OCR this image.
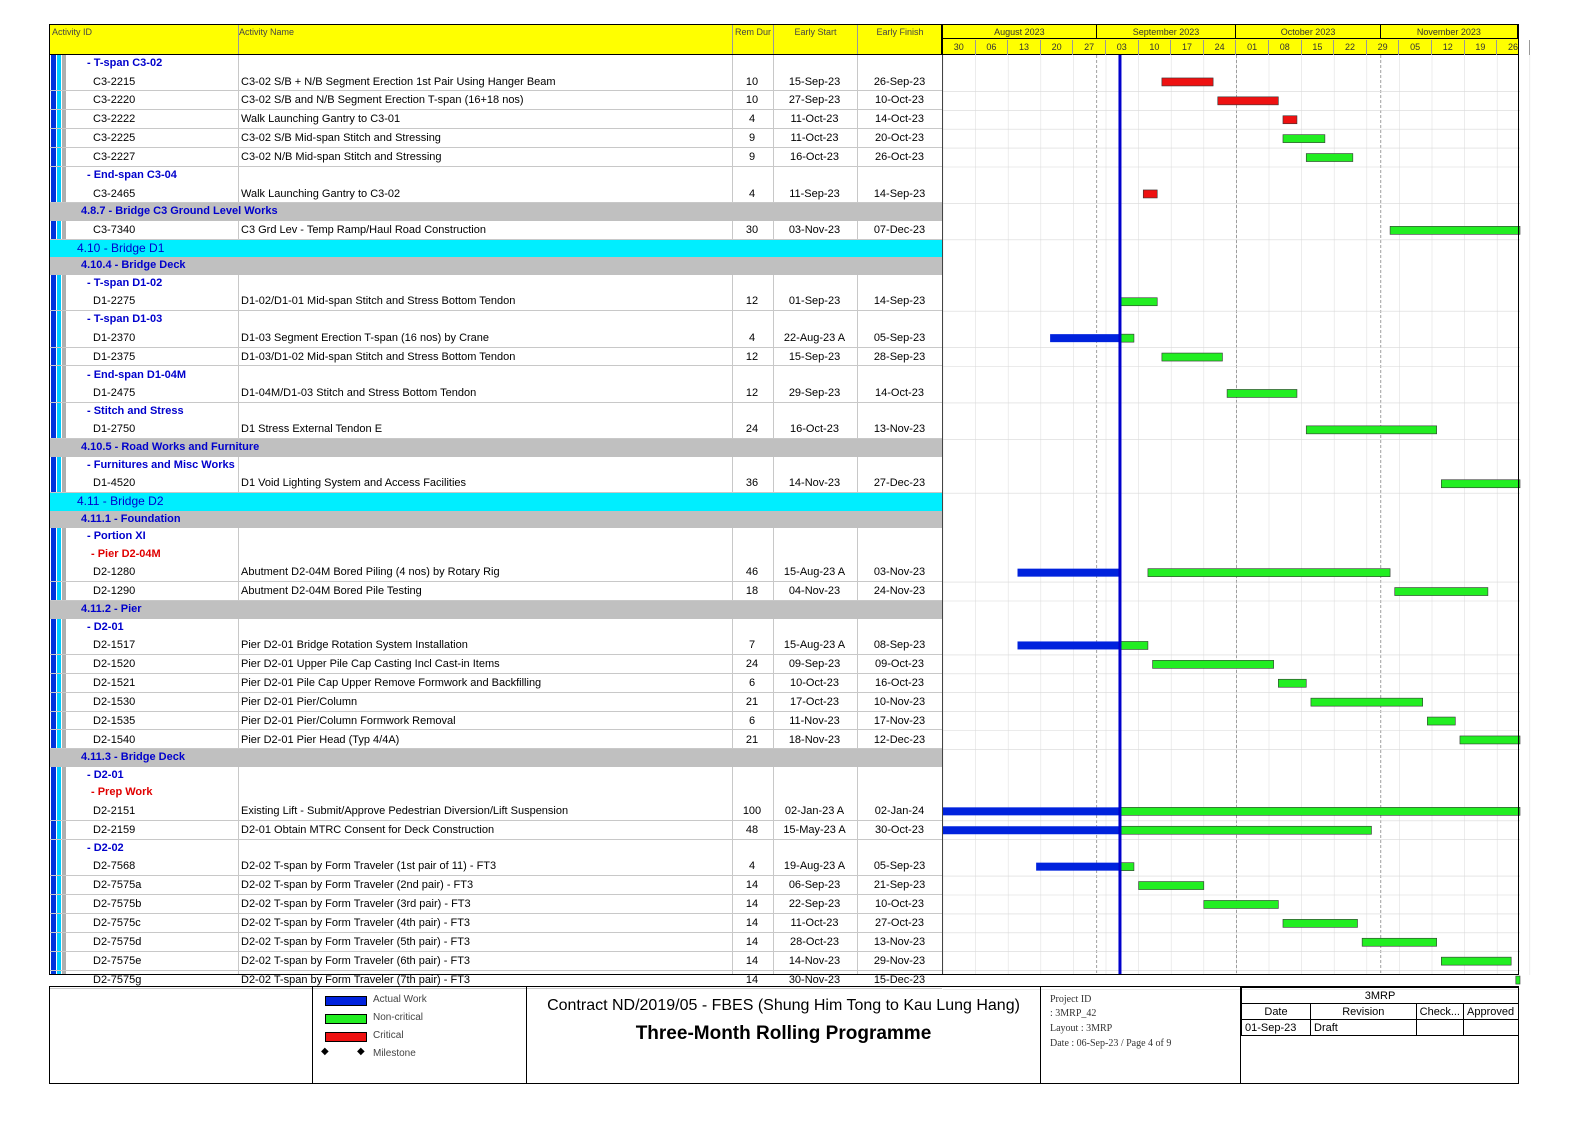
Activity ID	Activity Name	Rem Dur	Early Start	Early Finish	August 2023	September 2023	October 2023	November 2023
30	06	13	20	27	03	10	17	24	01	08	15	22	29	05	12	19	26
- T-span C3-02
C3-2215	C3-02 S/B + N/B Segment Erection 1st Pair Using Hanger Beam	10	15-Sep-23	26-Sep-23
C3-2220	C3-02 S/B and N/B Segment Erection T-span (16+18 nos)	10	27-Sep-23	10-Oct-23
C3-2222	Walk Launching Gantry to C3-01	4	11-Oct-23	14-Oct-23
C3-2225	C3-02 S/B Mid-span Stitch and Stressing	9	11-Oct-23	20-Oct-23
C3-2227	C3-02 N/B Mid-span Stitch and Stressing	9	16-Oct-23	26-Oct-23
- End-span C3-04
C3-2465	Walk Launching Gantry to C3-02	4	11-Sep-23	14-Sep-23
4.8.7 - Bridge C3 Ground Level Works
C3-7340	C3 Grd Lev - Temp Ramp/Haul Road Construction	30	03-Nov-23	07-Dec-23
4.10 - Bridge D1
4.10.4 - Bridge Deck
- T-span D1-02
D1-2275	D1-02/D1-01 Mid-span Stitch and Stress Bottom Tendon	12	01-Sep-23	14-Sep-23
- T-span D1-03
D1-2370	D1-03 Segment Erection T-span (16 nos) by Crane	4	22-Aug-23 A	05-Sep-23
D1-2375	D1-03/D1-02 Mid-span Stitch and Stress Bottom Tendon	12	15-Sep-23	28-Sep-23
- End-span D1-04M
D1-2475	D1-04M/D1-03 Stitch and Stress Bottom Tendon	12	29-Sep-23	14-Oct-23
- Stitch and Stress
D1-2750	D1 Stress External Tendon E	24	16-Oct-23	13-Nov-23
4.10.5 - Road Works and Furniture
- Furnitures and Misc Works
D1-4520	D1 Void Lighting System and Access Facilities	36	14-Nov-23	27-Dec-23
4.11 - Bridge D2
4.11.1 - Foundation
- Portion XI
- Pier D2-04M
D2-1280	Abutment D2-04M Bored Piling (4 nos) by Rotary Rig	46	15-Aug-23 A	03-Nov-23
D2-1290	Abutment D2-04M Bored Pile Testing	18	04-Nov-23	24-Nov-23
4.11.2 - Pier
- D2-01
D2-1517	Pier D2-01 Bridge Rotation System Installation	7	15-Aug-23 A	08-Sep-23
D2-1520	Pier D2-01 Upper Pile Cap Casting Incl Cast-in Items	24	09-Sep-23	09-Oct-23
D2-1521	Pier D2-01 Pile Cap Upper Remove Formwork and Backfilling	6	10-Oct-23	16-Oct-23
D2-1530	Pier D2-01 Pier/Column	21	17-Oct-23	10-Nov-23
D2-1535	Pier D2-01 Pier/Column Formwork Removal	6	11-Nov-23	17-Nov-23
D2-1540	Pier D2-01 Pier Head (Typ 4/4A)	21	18-Nov-23	12-Dec-23
4.11.3 - Bridge Deck
- D2-01
- Prep Work
D2-2151	Existing Lift - Submit/Approve Pedestrian Diversion/Lift Suspension	100	02-Jan-23 A	02-Jan-24
D2-2159	D2-01 Obtain MTRC Consent for Deck Construction	48	15-May-23 A	30-Oct-23
- D2-02
D2-7568	D2-02 T-span by Form Traveler (1st pair of 11) - FT3	4	19-Aug-23 A	05-Sep-23
D2-7575a	D2-02 T-span by Form Traveler (2nd pair) - FT3	14	06-Sep-23	21-Sep-23
D2-7575b	D2-02 T-span by Form Traveler (3rd pair) - FT3	14	22-Sep-23	10-Oct-23
D2-7575c	D2-02 T-span by Form Traveler (4th pair) - FT3	14	11-Oct-23	27-Oct-23
D2-7575d	D2-02 T-span by Form Traveler (5th pair) - FT3	14	28-Oct-23	13-Nov-23
D2-7575e	D2-02 T-span by Form Traveler (6th pair) - FT3	14	14-Nov-23	29-Nov-23
D2-7575g	D2-02 T-span by Form Traveler (7th pair) - FT3	14	30-Nov-23	15-Dec-23
Actual Work
Non-critical
Critical
◆	◆ Milestone
Contract ND/2019/05 - FBES (Shung Him Tong to Kau Lung Hang)
Three-Month Rolling Programme
Project ID
: 3MRP_42
Layout : 3MRP
Date : 06-Sep-23 / Page 4 of 9
3MRP			
Date	Revision	Check...	Approved
01-Sep-23	Draft		
